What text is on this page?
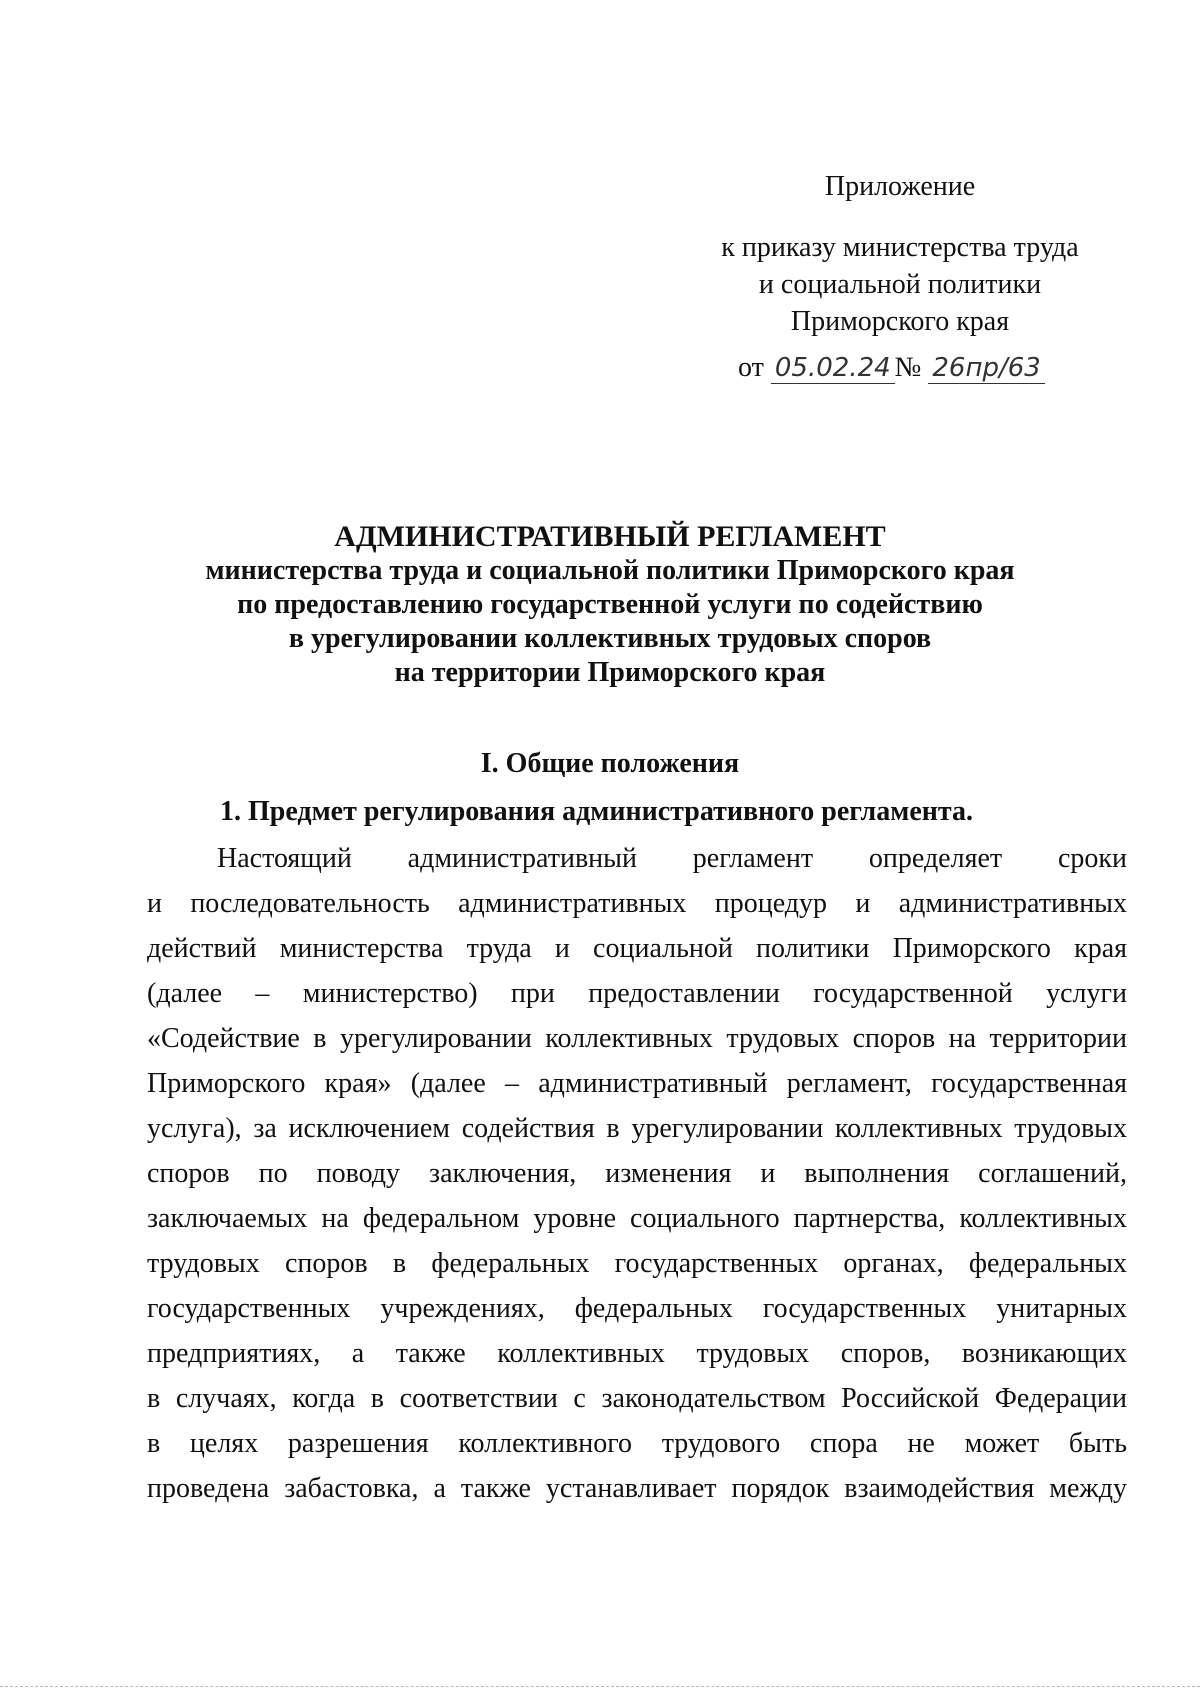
Приложение
к приказу министерства труда
и социальной политики
Приморского края
от 05.02.24 № 26пр/63
АДМИНИСТРАТИВНЫЙ РЕГЛАМЕНТ
министерства труда и социальной политики Приморского края
по предоставлению государственной услуги по содействию
в урегулировании коллективных трудовых споров
на территории Приморского края
I. Общие положения
1. Предмет регулирования административного регламента.
Настоящий административный регламент определяет сроки
и последовательность административных процедур и административных
действий министерства труда и социальной политики Приморского края
(далее – министерство) при предоставлении государственной услуги
«Содействие в урегулировании коллективных трудовых споров на территории
Приморского края» (далее – административный регламент, государственная
услуга), за исключением содействия в урегулировании коллективных трудовых
споров по поводу заключения, изменения и выполнения соглашений,
заключаемых на федеральном уровне социального партнерства, коллективных
трудовых споров в федеральных государственных органах, федеральных
государственных учреждениях, федеральных государственных унитарных
предприятиях, а также коллективных трудовых споров, возникающих
в случаях, когда в соответствии с законодательством Российской Федерации
в целях разрешения коллективного трудового спора не может быть
проведена забастовка, а также устанавливает порядок взаимодействия между
